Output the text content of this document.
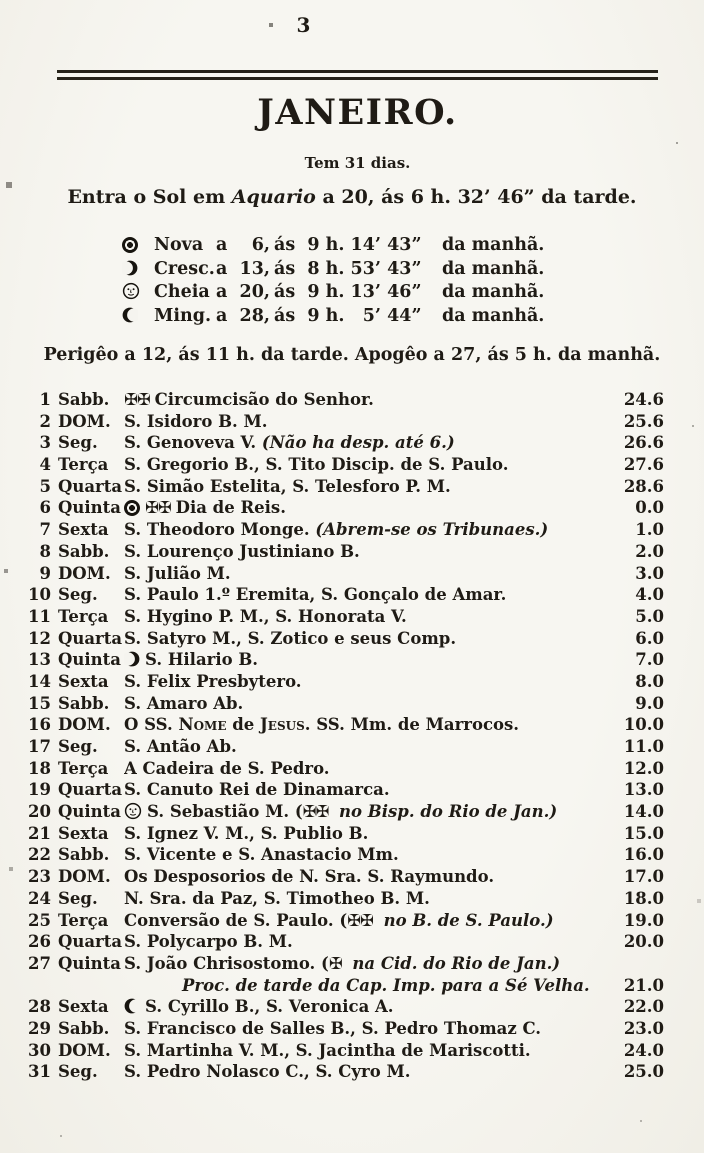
3
JANEIRO.
Tem 31 dias.
Entra o Sol em Aquario a 20, ás 6 h. 32’ 46” da tarde.
Nova a    6, ás  9 h. 14’ 43”	da manhã.
Cresc. a  13, ás  8 h. 53’ 43”	da manhã.
Cheia a  20, ás  9 h. 13’ 46”	da manhã.
Ming. a  28, ás  9 h.   5’ 44”	da manhã.
Perigêo a 12, ás 11 h. da tarde. Apogêo a 27, ás 5 h. da manhã.
1 Sabb. ✠✠ Circumcisão do Senhor.	24.6
2 DOM. S. Isidoro B. M.	25.6
3 Seg.	S. Genoveva V. (Não ha desp. até 6.)	26.6
4 Terça S. Gregorio B., S. Tito Discip. de S. Paulo.	27.6
5 Quarta S. Simão Estelita, S. Telesforo P. M.	28.6
6 Quinta	✠✠ Dia de Reis.	0.0
7 Sexta S. Theodoro Monge. (Abrem-se os Tribunaes.)	1.0
8 Sabb. S. Lourenço Justiniano B.	2.0
9 DOM. S. Julião M.	3.0
10 Seg.	S. Paulo 1.º Eremita, S. Gonçalo de Amar.	4.0
11 Terça S. Hygino P. M., S. Honorata V.	5.0
12 Quarta S. Satyro M., S. Zotico e seus Comp.	6.0
13 Quinta	S. Hilario B.	7.0
14 Sexta S. Felix Presbytero.	8.0
15 Sabb. S. Amaro Ab.	9.0
16 DOM. O SS. Nome de Jesus. SS. Mm. de Marrocos.	10.0
17 Seg.	S. Antão Ab.	11.0
18 Terça A Cadeira de S. Pedro.	12.0
19 Quarta S. Canuto Rei de Dinamarca.	13.0
20 Quinta	S. Sebastião M. (✠✠ no Bisp. do Rio de Jan.)	14.0
21 Sexta S. Ignez V. M., S. Publio B.	15.0
22 Sabb. S. Vicente e S. Anastacio Mm.	16.0
23 DOM. Os Desposorios de N. Sra. S. Raymundo.	17.0
24 Seg.	N. Sra. da Paz, S. Timotheo B. M.	18.0
25 Terça Conversão de S. Paulo. (✠✠ no B. de S. Paulo.)	19.0
26 Quarta S. Polycarpo B. M.	20.0
27 Quinta S. João Chrisostomo. (✠ na Cid. do Rio de Jan.)
Proc. de tarde da Cap. Imp. para a Sé Velha.	21.0
28 Sexta	S. Cyrillo B., S. Veronica A.	22.0
29 Sabb. S. Francisco de Salles B., S. Pedro Thomaz C.	23.0
30 DOM. S. Martinha V. M., S. Jacintha de Mariscotti.	24.0
31 Seg.	S. Pedro Nolasco C., S. Cyro M.	25.0
